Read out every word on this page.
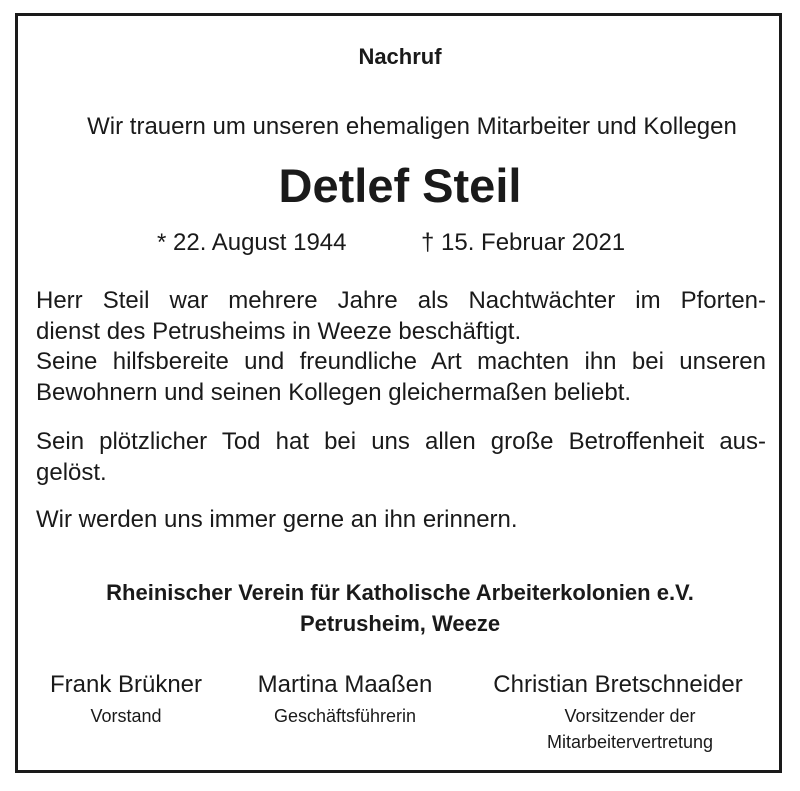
Nachruf
Wir trauern um unseren ehemaligen Mitarbeiter und Kollegen
Detlef Steil
* 22. August 1944	† 15. Februar 2021
Herr Steil war mehrere Jahre als Nachtwächter im Pforten-
dienst des Petrusheims in Weeze beschäftigt.
Seine hilfsbereite und freundliche Art machten ihn bei unseren
Bewohnern und seinen Kollegen gleichermaßen beliebt.
Sein plötzlicher Tod hat bei uns allen große Betroffenheit aus-
gelöst.
Wir werden uns immer gerne an ihn erinnern.
Rheinischer Verein für Katholische Arbeiterkolonien e.V.
Petrusheim, Weeze
Frank Brükner	Martina Maaßen	Christian Bretschneider
Vorstand	Geschäftsführerin	Vorsitzender der
Mitarbeitervertretung
